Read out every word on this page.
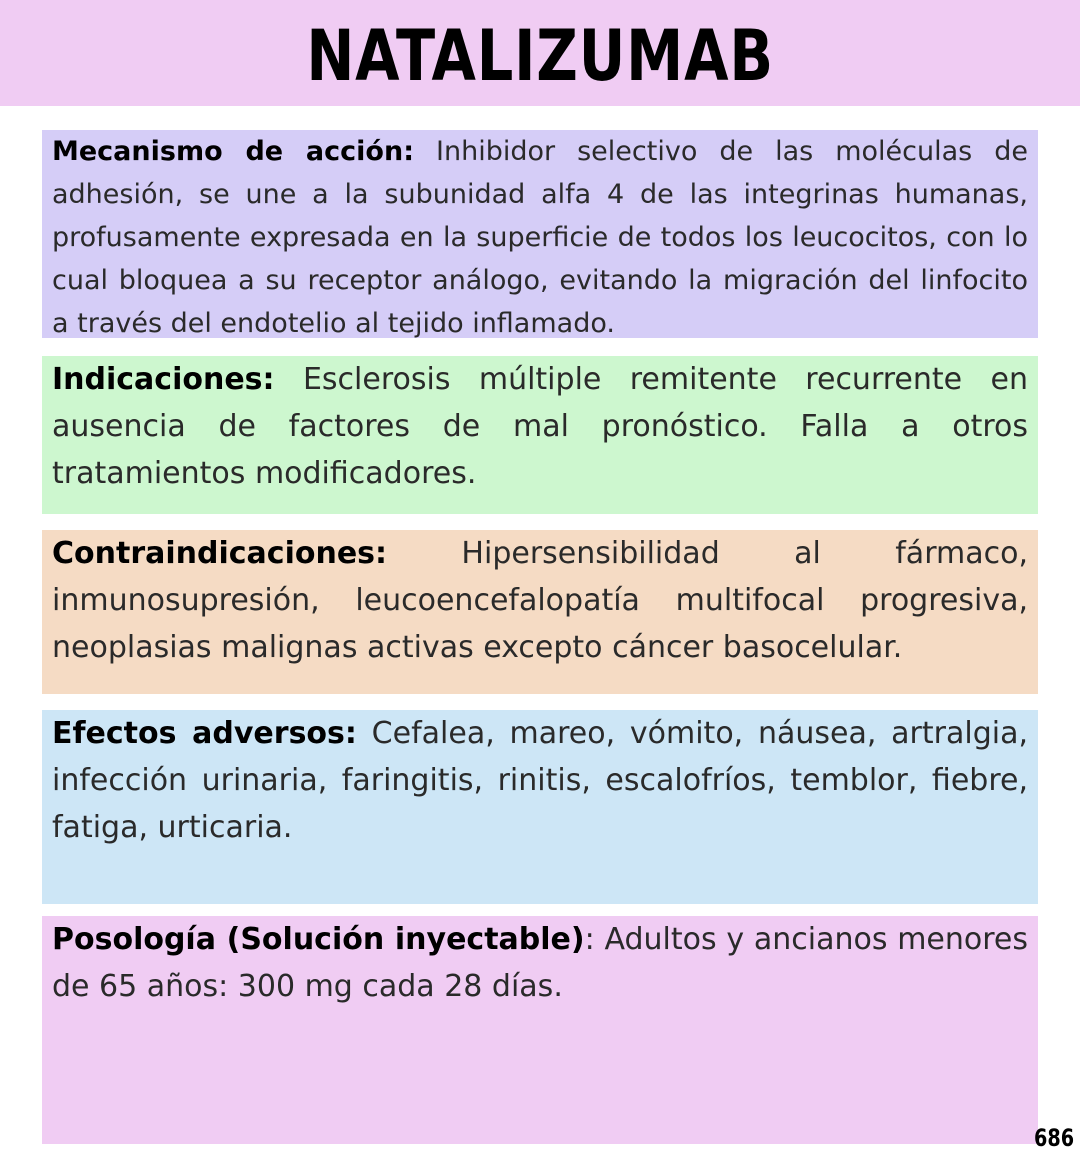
NATALIZUMAB

Mecanismo de acción: Inhibidor selectivo de las moléculas de adhesión, se une a la subunidad alfa 4 de las integrinas humanas, profusamente expresada en la superficie de todos los leucocitos, con lo cual bloquea a su receptor análogo, evitando la migración del linfocito a través del endotelio al tejido inflamado.

Indicaciones: Esclerosis múltiple remitente recurrente en ausencia de factores de mal pronóstico. Falla a otros tratamientos modificadores.

Contraindicaciones: Hipersensibilidad al fármaco, inmunosupresión, leucoencefalopatía multifocal progresiva, neoplasias malignas activas excepto cáncer basocelular.

Efectos adversos: Cefalea, mareo, vómito, náusea, artralgia, infección urinaria, faringitis, rinitis, escalofríos, temblor, fiebre, fatiga, urticaria.

Posología (Solución inyectable): Adultos y ancianos menores de 65 años: 300 mg cada 28 días.

686
